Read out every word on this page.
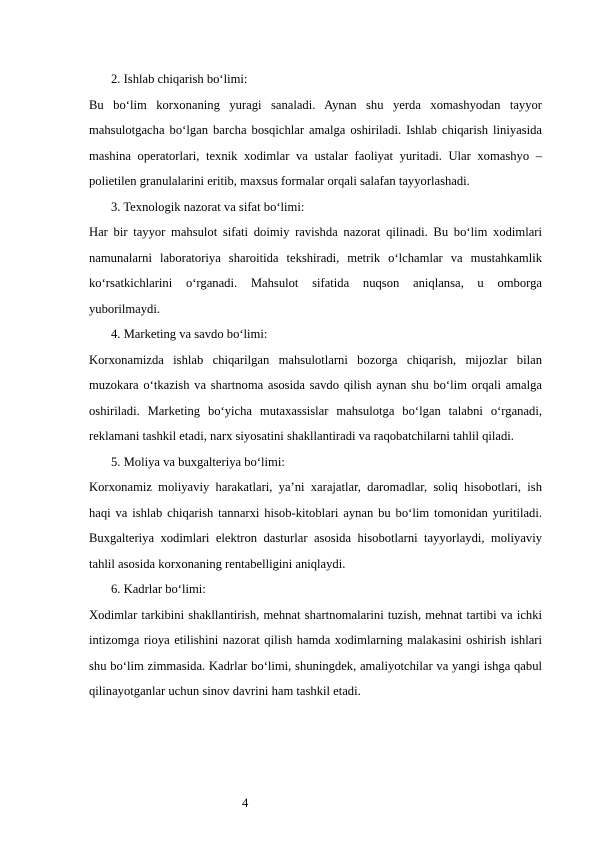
2. Ishlab chiqarish bo‘limi:

Bu bo‘lim korxonaning yuragi sanaladi. Aynan shu yerda xomashyodan tayyor mahsulotgacha bo‘lgan barcha bosqichlar amalga oshiriladi. Ishlab chiqarish liniyasida mashina operatorlari, texnik xodimlar va ustalar faoliyat yuritadi. Ular xomashyo – polietilen granulalarini eritib, maxsus formalar orqali salafan tayyorlashadi.

3. Texnologik nazorat va sifat bo‘limi:

Har bir tayyor mahsulot sifati doimiy ravishda nazorat qilinadi. Bu bo‘lim xodimlari namunalarni laboratoriya sharoitida tekshiradi, metrik o‘lchamlar va mustahkamlik ko‘rsatkichlarini o‘rganadi. Mahsulot sifatida nuqson aniqlansa, u omborga yuborilmaydi.

4. Marketing va savdo bo‘limi:

Korxonamizda ishlab chiqarilgan mahsulotlarni bozorga chiqarish, mijozlar bilan muzokara o‘tkazish va shartnoma asosida savdo qilish aynan shu bo‘lim orqali amalga oshiriladi. Marketing bo‘yicha mutaxassislar mahsulotga bo‘lgan talabni o‘rganadi, reklamani tashkil etadi, narx siyosatini shakllantiradi va raqobatchilarni tahlil qiladi.

5. Moliya va buxgalteriya bo‘limi:

Korxonamiz moliyaviy harakatlari, ya’ni xarajatlar, daromadlar, soliq hisobotlari, ish haqi va ishlab chiqarish tannarxi hisob-kitoblari aynan bu bo‘lim tomonidan yuritiladi. Buxgalteriya xodimlari elektron dasturlar asosida hisobotlarni tayyorlaydi, moliyaviy tahlil asosida korxonaning rentabelligini aniqlaydi.

6. Kadrlar bo‘limi:

Xodimlar tarkibini shakllantirish, mehnat shartnomalarini tuzish, mehnat tartibi va ichki intizomga rioya etilishini nazorat qilish hamda xodimlarning malakasini oshirish ishlari shu bo‘lim zimmasida. Kadrlar bo‘limi, shuningdek, amaliyotchilar va yangi ishga qabul qilinayotganlar uchun sinov davrini ham tashkil etadi.

4
